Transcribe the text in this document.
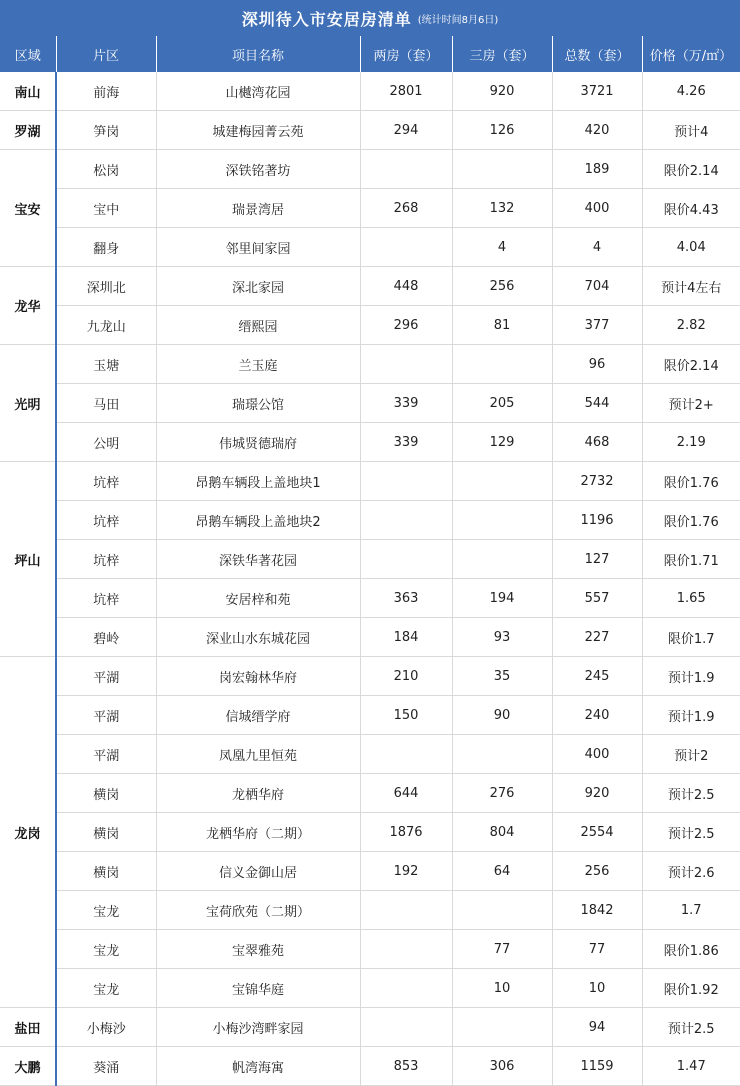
深圳待入市安居房清单 (统计时间8月6日)
区域	片区	项目名称	两房（套）	三房（套）	总数（套）	价格（万/㎡）
南山	前海	山樾湾花园	2801	920	3721	4.26
罗湖	笋岗	城建梅园菁云苑	294	126	420	预计4
宝安	松岗	深铁铭著坊			189	限价2.14
	宝中	瑞景湾居	268	132	400	限价4.43
	翻身	邻里间家园		4	4	4.04
龙华	深圳北	深北家园	448	256	704	预计4左右
	九龙山	缙熙园	296	81	377	2.82
光明	玉塘	兰玉庭			96	限价2.14
	马田	瑞璟公馆	339	205	544	预计2+
	公明	伟城贤德瑞府	339	129	468	2.19
坪山	坑梓	昂鹅车辆段上盖地块1			2732	限价1.76
	坑梓	昂鹅车辆段上盖地块2			1196	限价1.76
	坑梓	深铁华著花园			127	限价1.71
	坑梓	安居梓和苑	363	194	557	1.65
	碧岭	深业山水东城花园	184	93	227	限价1.7
龙岗	平湖	岗宏翰林华府	210	35	245	预计1.9
	平湖	信城缙学府	150	90	240	预计1.9
	平湖	凤凰九里恒苑			400	预计2
	横岗	龙栖华府	644	276	920	预计2.5
	横岗	龙栖华府（二期）	1876	804	2554	预计2.5
	横岗	信义金御山居	192	64	256	预计2.6
	宝龙	宝荷欣苑（二期）			1842	1.7
	宝龙	宝翠雅苑		77	77	限价1.86
	宝龙	宝锦华庭		10	10	限价1.92
盐田	小梅沙	小梅沙湾畔家园			94	预计2.5
大鹏	葵涌	帆湾海寓	853	306	1159	1.47
